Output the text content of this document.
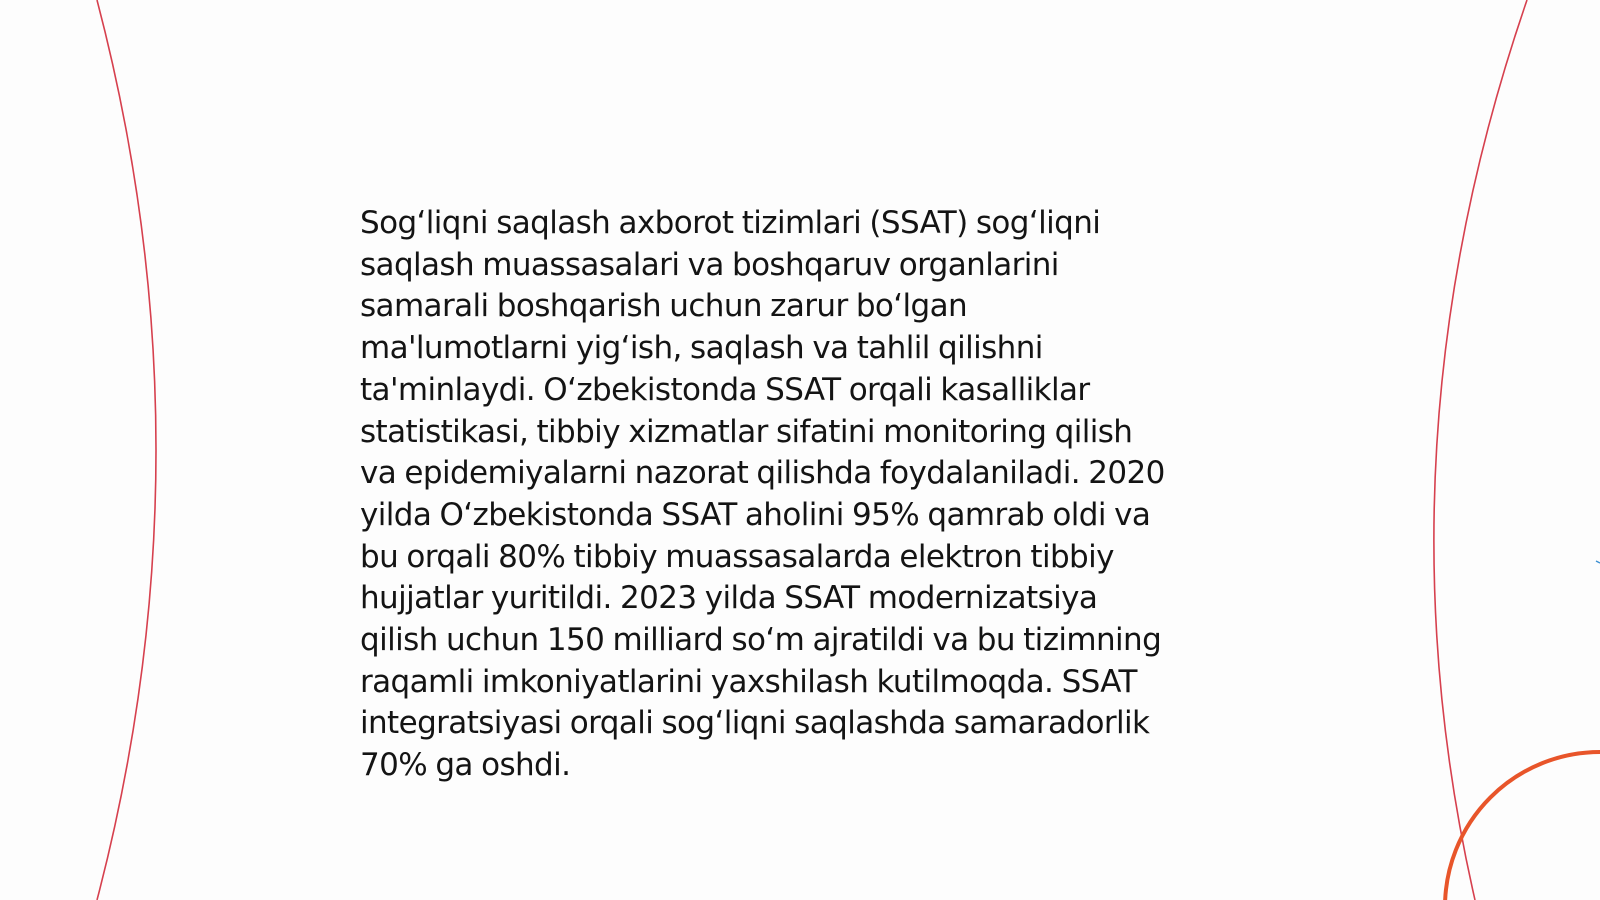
Sog‘liqni saqlash axborot tizimlari (SSAT) sog‘liqni
saqlash muassasalari va boshqaruv organlarini
samarali boshqarish uchun zarur bo‘lgan
ma'lumotlarni yig‘ish, saqlash va tahlil qilishni
ta'minlaydi. O‘zbekistonda SSAT orqali kasalliklar
statistikasi, tibbiy xizmatlar sifatini monitoring qilish
va epidemiyalarni nazorat qilishda foydalaniladi. 2020
yilda O‘zbekistonda SSAT aholini 95% qamrab oldi va
bu orqali 80% tibbiy muassasalarda elektron tibbiy
hujjatlar yuritildi. 2023 yilda SSAT modernizatsiya
qilish uchun 150 milliard so‘m ajratildi va bu tizimning
raqamli imkoniyatlarini yaxshilash kutilmoqda. SSAT
integratsiyasi orqali sog‘liqni saqlashda samaradorlik
70% ga oshdi.
